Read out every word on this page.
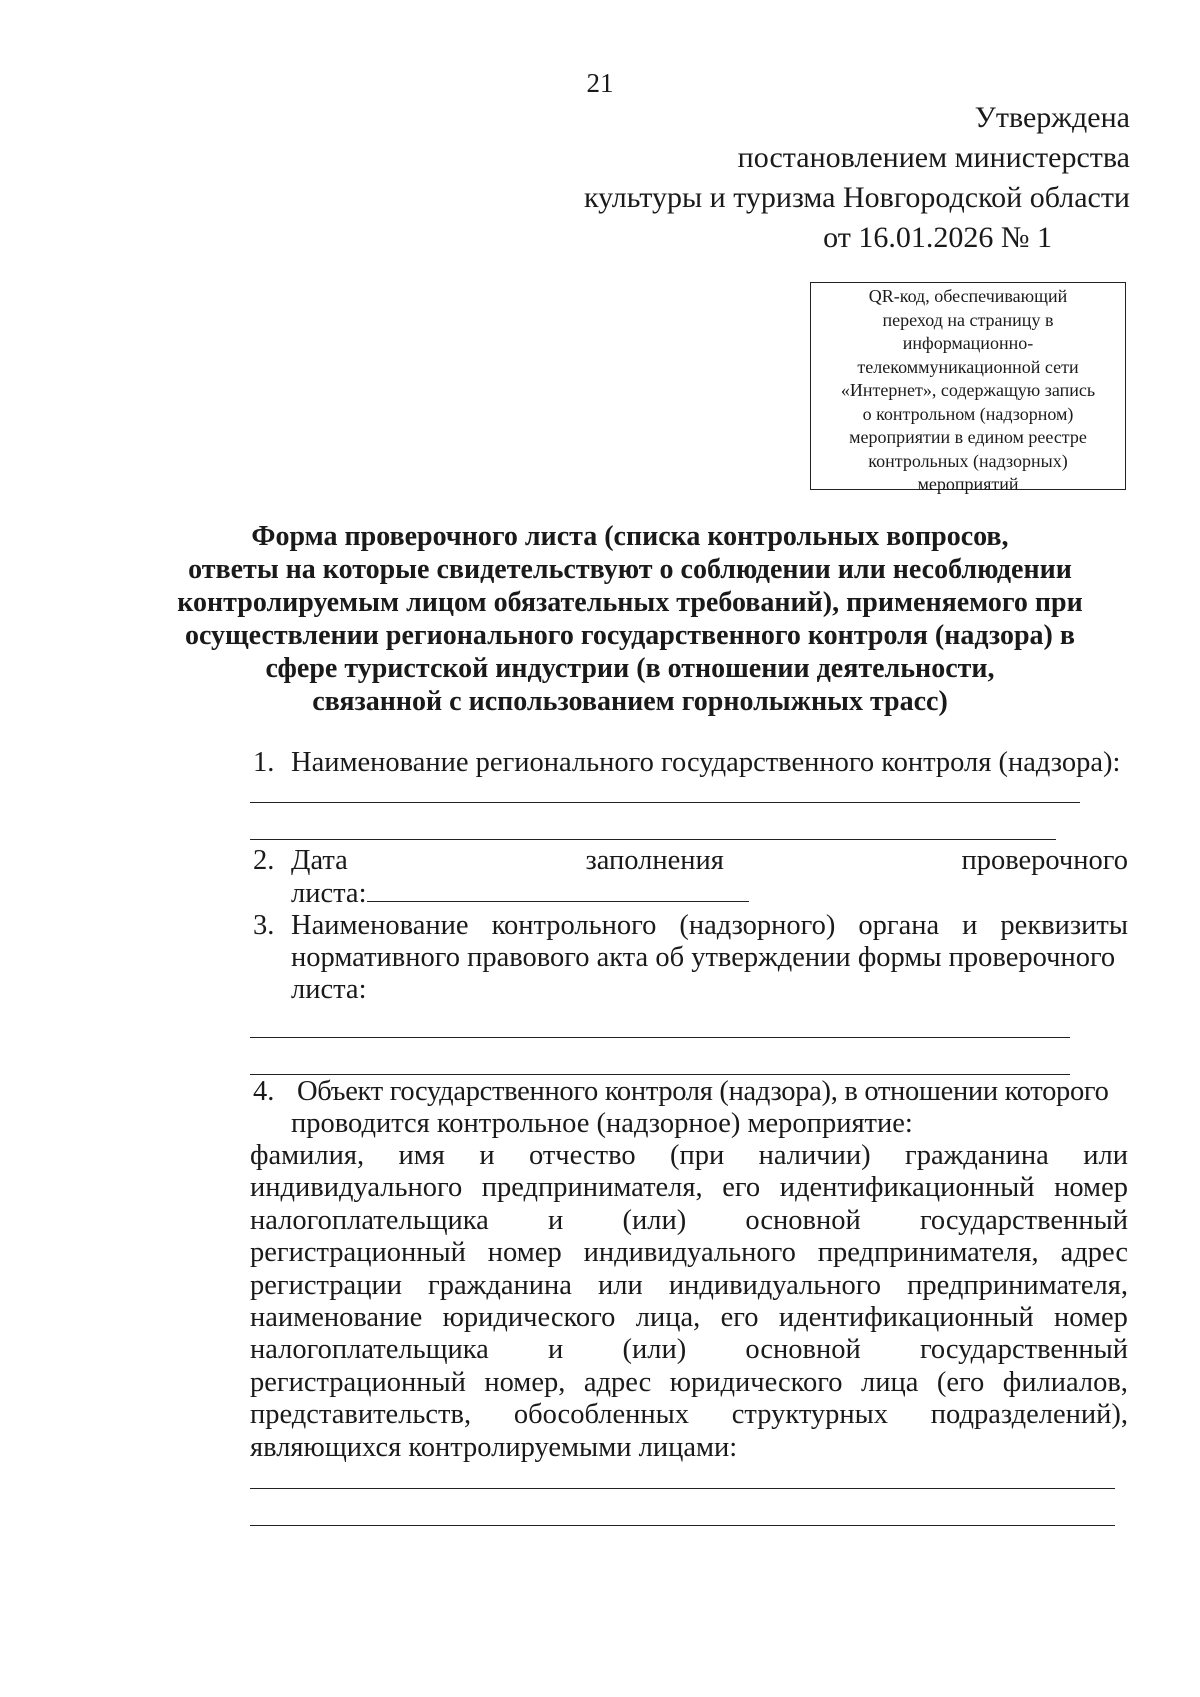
21
Утверждена
постановлением министерства
культуры и туризма Новгородской области
от 16.01.2026 № 1
QR-код, обеспечивающий
переход на страницу в
информационно-
телекоммуникационной сети
«Интернет», содержащую запись
о контрольном (надзорном)
мероприятии в едином реестре
контрольных (надзорных)
мероприятий
Форма проверочного листа (списка контрольных вопросов,
ответы на которые свидетельствуют о соблюдении или несоблюдении
контролируемым лицом обязательных требований), применяемого при
осуществлении регионального государственного контроля (надзора) в
сфере туристской индустрии (в отношении деятельности,
связанной с использованием горнолыжных трасс)
1. Наименование регионального государственного контроля (надзора):
2. Дата	заполнения	проверочного
листа:
3. Наименование контрольного (надзорного) органа и реквизиты
нормативного правового акта об утверждении формы проверочного
листа:
4. Объект государственного контроля (надзора), в отношении которого
проводится контрольное (надзорное) мероприятие:
фамилия, имя и отчество (при наличии) гражданина или
индивидуального предпринимателя, его идентификационный номер
налогоплательщика и (или) основной государственный
регистрационный номер индивидуального предпринимателя, адрес
регистрации гражданина или индивидуального предпринимателя,
наименование юридического лица, его идентификационный номер
налогоплательщика и (или) основной государственный
регистрационный номер, адрес юридического лица (его филиалов,
представительств, обособленных структурных подразделений),
являющихся контролируемыми лицами:
